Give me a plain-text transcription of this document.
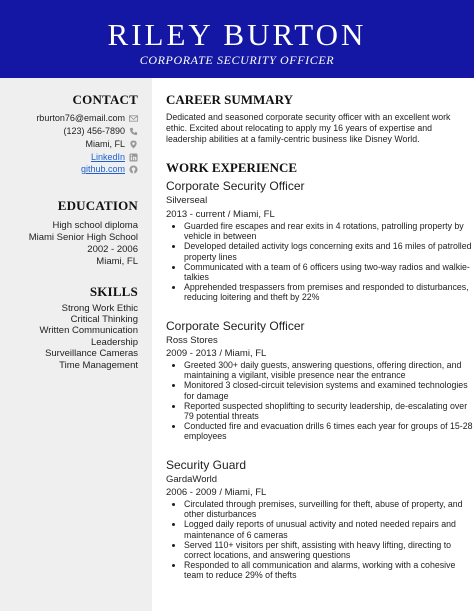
RILEY BURTON
CORPORATE SECURITY OFFICER
CONTACT
rburton76@email.com
(123) 456-7890
Miami, FL
LinkedIn
github.com
EDUCATION
High school diploma
Miami Senior High School
2002 - 2006
Miami, FL
SKILLS
Strong Work Ethic
Critical Thinking
Written Communication
Leadership
Surveillance Cameras
Time Management
CAREER SUMMARY
Dedicated and seasoned corporate security officer with an excellent work ethic. Excited about relocating to apply my 16 years of expertise and leadership abilities at a family-centric business like Disney World.
WORK EXPERIENCE
Corporate Security Officer
Silverseal
2013 - current / Miami, FL
• Guarded fire escapes and rear exits in 4 rotations, patrolling property by vehicle in between
• Developed detailed activity logs concerning exits and 16 miles of patrolled property lines
• Communicated with a team of 6 officers using two-way radios and walkie-talkies
• Apprehended trespassers from premises and responded to disturbances, reducing loitering and theft by 22%
Corporate Security Officer
Ross Stores
2009 - 2013 / Miami, FL
• Greeted 300+ daily guests, answering questions, offering direction, and maintaining a vigilant, visible presence near the entrance
• Monitored 3 closed-circuit television systems and examined technologies for damage
• Reported suspected shoplifting to security leadership, de-escalating over 79 potential threats
• Conducted fire and evacuation drills 6 times each year for groups of 15-28 employees
Security Guard
GardaWorld
2006 - 2009 / Miami, FL
• Circulated through premises, surveilling for theft, abuse of property, and other disturbances
• Logged daily reports of unusual activity and noted needed repairs and maintenance of 6 cameras
• Served 110+ visitors per shift, assisting with heavy lifting, directing to correct locations, and answering questions
• Responded to all communication and alarms, working with a cohesive team to reduce 29% of thefts
